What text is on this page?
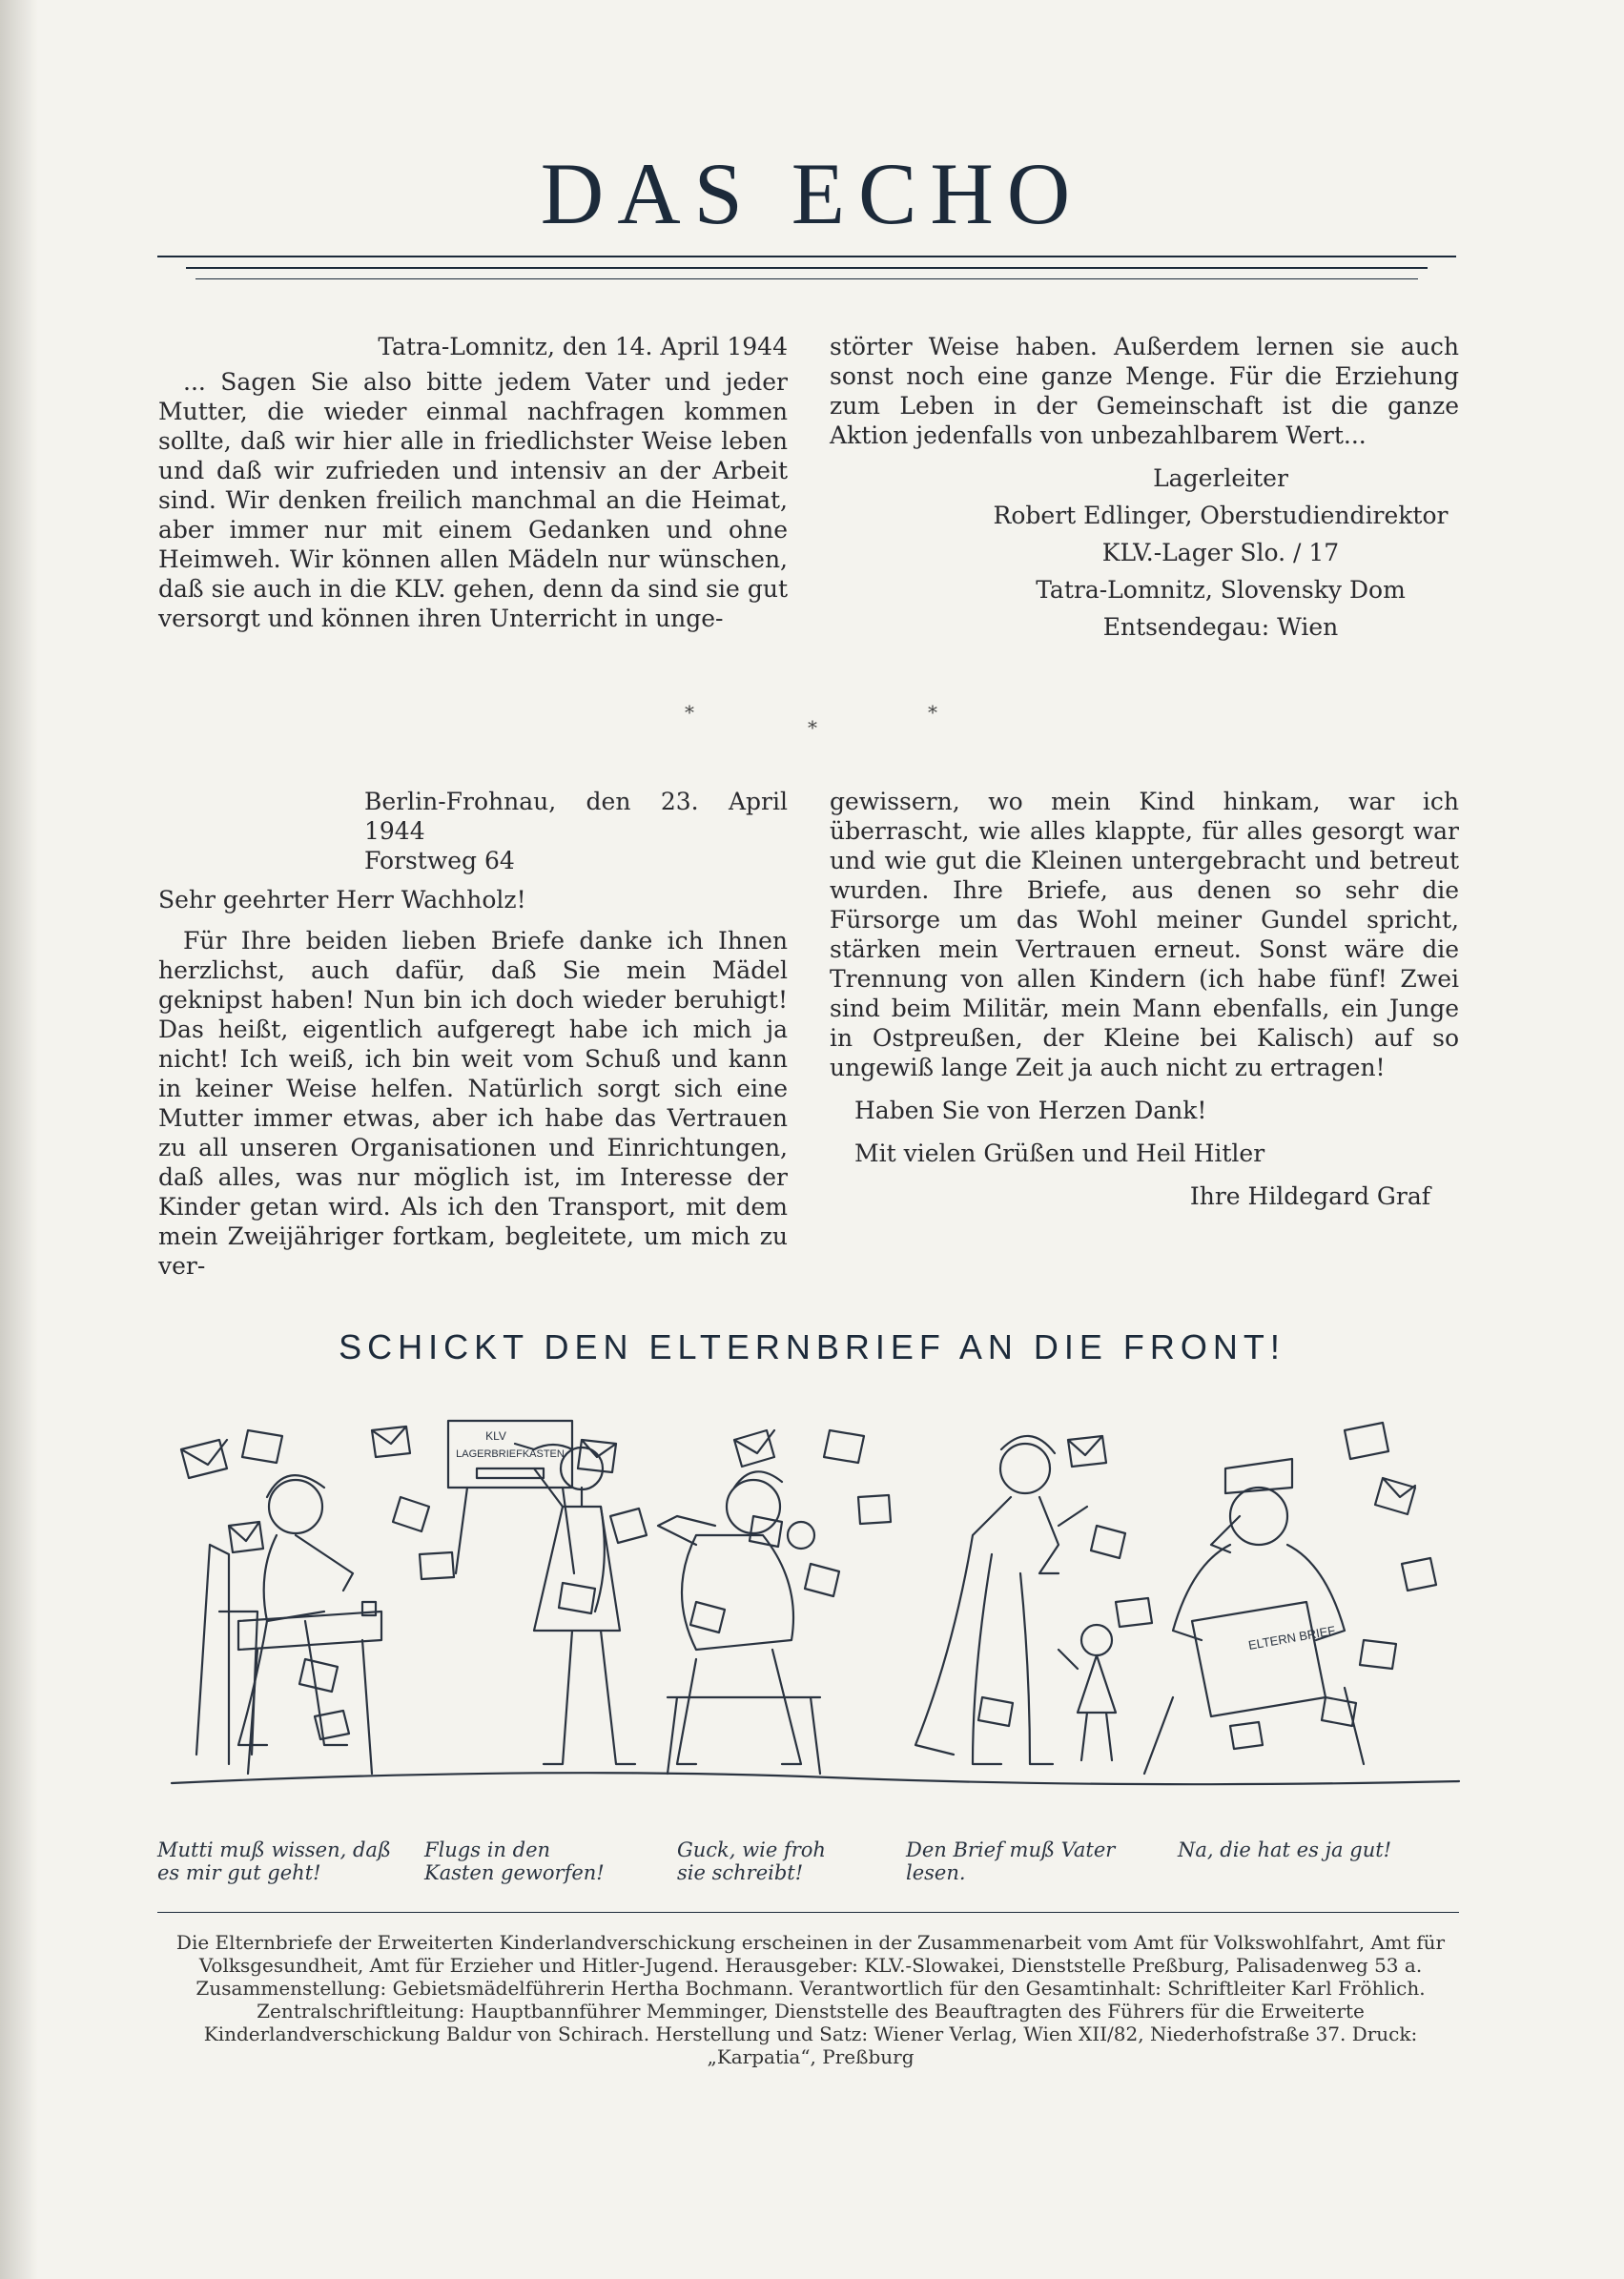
DAS ECHO

Tatra-Lomnitz, den 14. April 1944

... Sagen Sie also bitte jedem Vater und jeder Mutter, die wieder einmal nachfragen kommen sollte, daß wir hier alle in friedlichster Weise leben und daß wir zufrieden und intensiv an der Arbeit sind. Wir denken freilich manchmal an die Heimat, aber immer nur mit einem Gedanken und ohne Heimweh. Wir können allen Mädeln nur wünschen, daß sie auch in die KLV. gehen, denn da sind sie gut versorgt und können ihren Unterricht in unge-

störter Weise haben. Außerdem lernen sie auch sonst noch eine ganze Menge. Für die Erziehung zum Leben in der Gemeinschaft ist die ganze Aktion jedenfalls von unbezahlbarem Wert...

Lagerleiter

Robert Edlinger, Oberstudiendirektor

KLV.-Lager Slo. / 17

Tatra-Lomnitz, Slovensky Dom

Entsendegau: Wien

*
*
*
Berlin-Frohnau, den 23. April 1944
Forstweg 64

Sehr geehrter Herr Wachholz!

Für Ihre beiden lieben Briefe danke ich Ihnen herzlichst, auch dafür, daß Sie mein Mädel geknipst haben! Nun bin ich doch wieder beruhigt! Das heißt, eigentlich aufgeregt habe ich mich ja nicht! Ich weiß, ich bin weit vom Schuß und kann in keiner Weise helfen. Natürlich sorgt sich eine Mutter immer etwas, aber ich habe das Vertrauen zu all unseren Organisationen und Einrichtungen, daß alles, was nur möglich ist, im Interesse der Kinder getan wird. Als ich den Transport, mit dem mein Zweijähriger fortkam, begleitete, um mich zu ver-

gewissern, wo mein Kind hinkam, war ich überrascht, wie alles klappte, für alles gesorgt war und wie gut die Kleinen untergebracht und betreut wurden. Ihre Briefe, aus denen so sehr die Fürsorge um das Wohl meiner Gundel spricht, stärken mein Vertrauen erneut. Sonst wäre die Trennung von allen Kindern (ich habe fünf! Zwei sind beim Militär, mein Mann ebenfalls, ein Junge in Ostpreußen, der Kleine bei Kalisch) auf so ungewiß lange Zeit ja auch nicht zu ertragen!

Haben Sie von Herzen Dank!

Mit vielen Grüßen und Heil Hitler

Ihre Hildegard Graf

SCHICKT DEN ELTERNBRIEF AN DIE FRONT!
KLV
LAGERBRIEFKASTEN
ELTERN BRIEF
Mutti muß wissen, daß es mir gut geht!
Flugs in den Kasten geworfen!
Guck, wie froh sie schreibt!
Den Brief muß Vater lesen.
Na, die hat es ja gut!
Die Elternbriefe der Erweiterten Kinderlandverschickung erscheinen in der Zusammenarbeit vom Amt für Volkswohlfahrt, Amt für Volksgesundheit, Amt für Erzieher und Hitler-Jugend. Herausgeber: KLV.-Slowakei, Dienststelle Preßburg, Palisadenweg 53 a. Zusammenstellung: Gebietsmädelführerin Hertha Bochmann. Verantwortlich für den Gesamtinhalt: Schriftleiter Karl Fröhlich. Zentralschriftleitung: Hauptbannführer Memminger, Dienststelle des Beauftragten des Führers für die Erweiterte Kinderlandverschickung Baldur von Schirach. Herstellung und Satz: Wiener Verlag, Wien XII/82, Niederhofstraße 37. Druck: „Karpatia“, Preßburg
